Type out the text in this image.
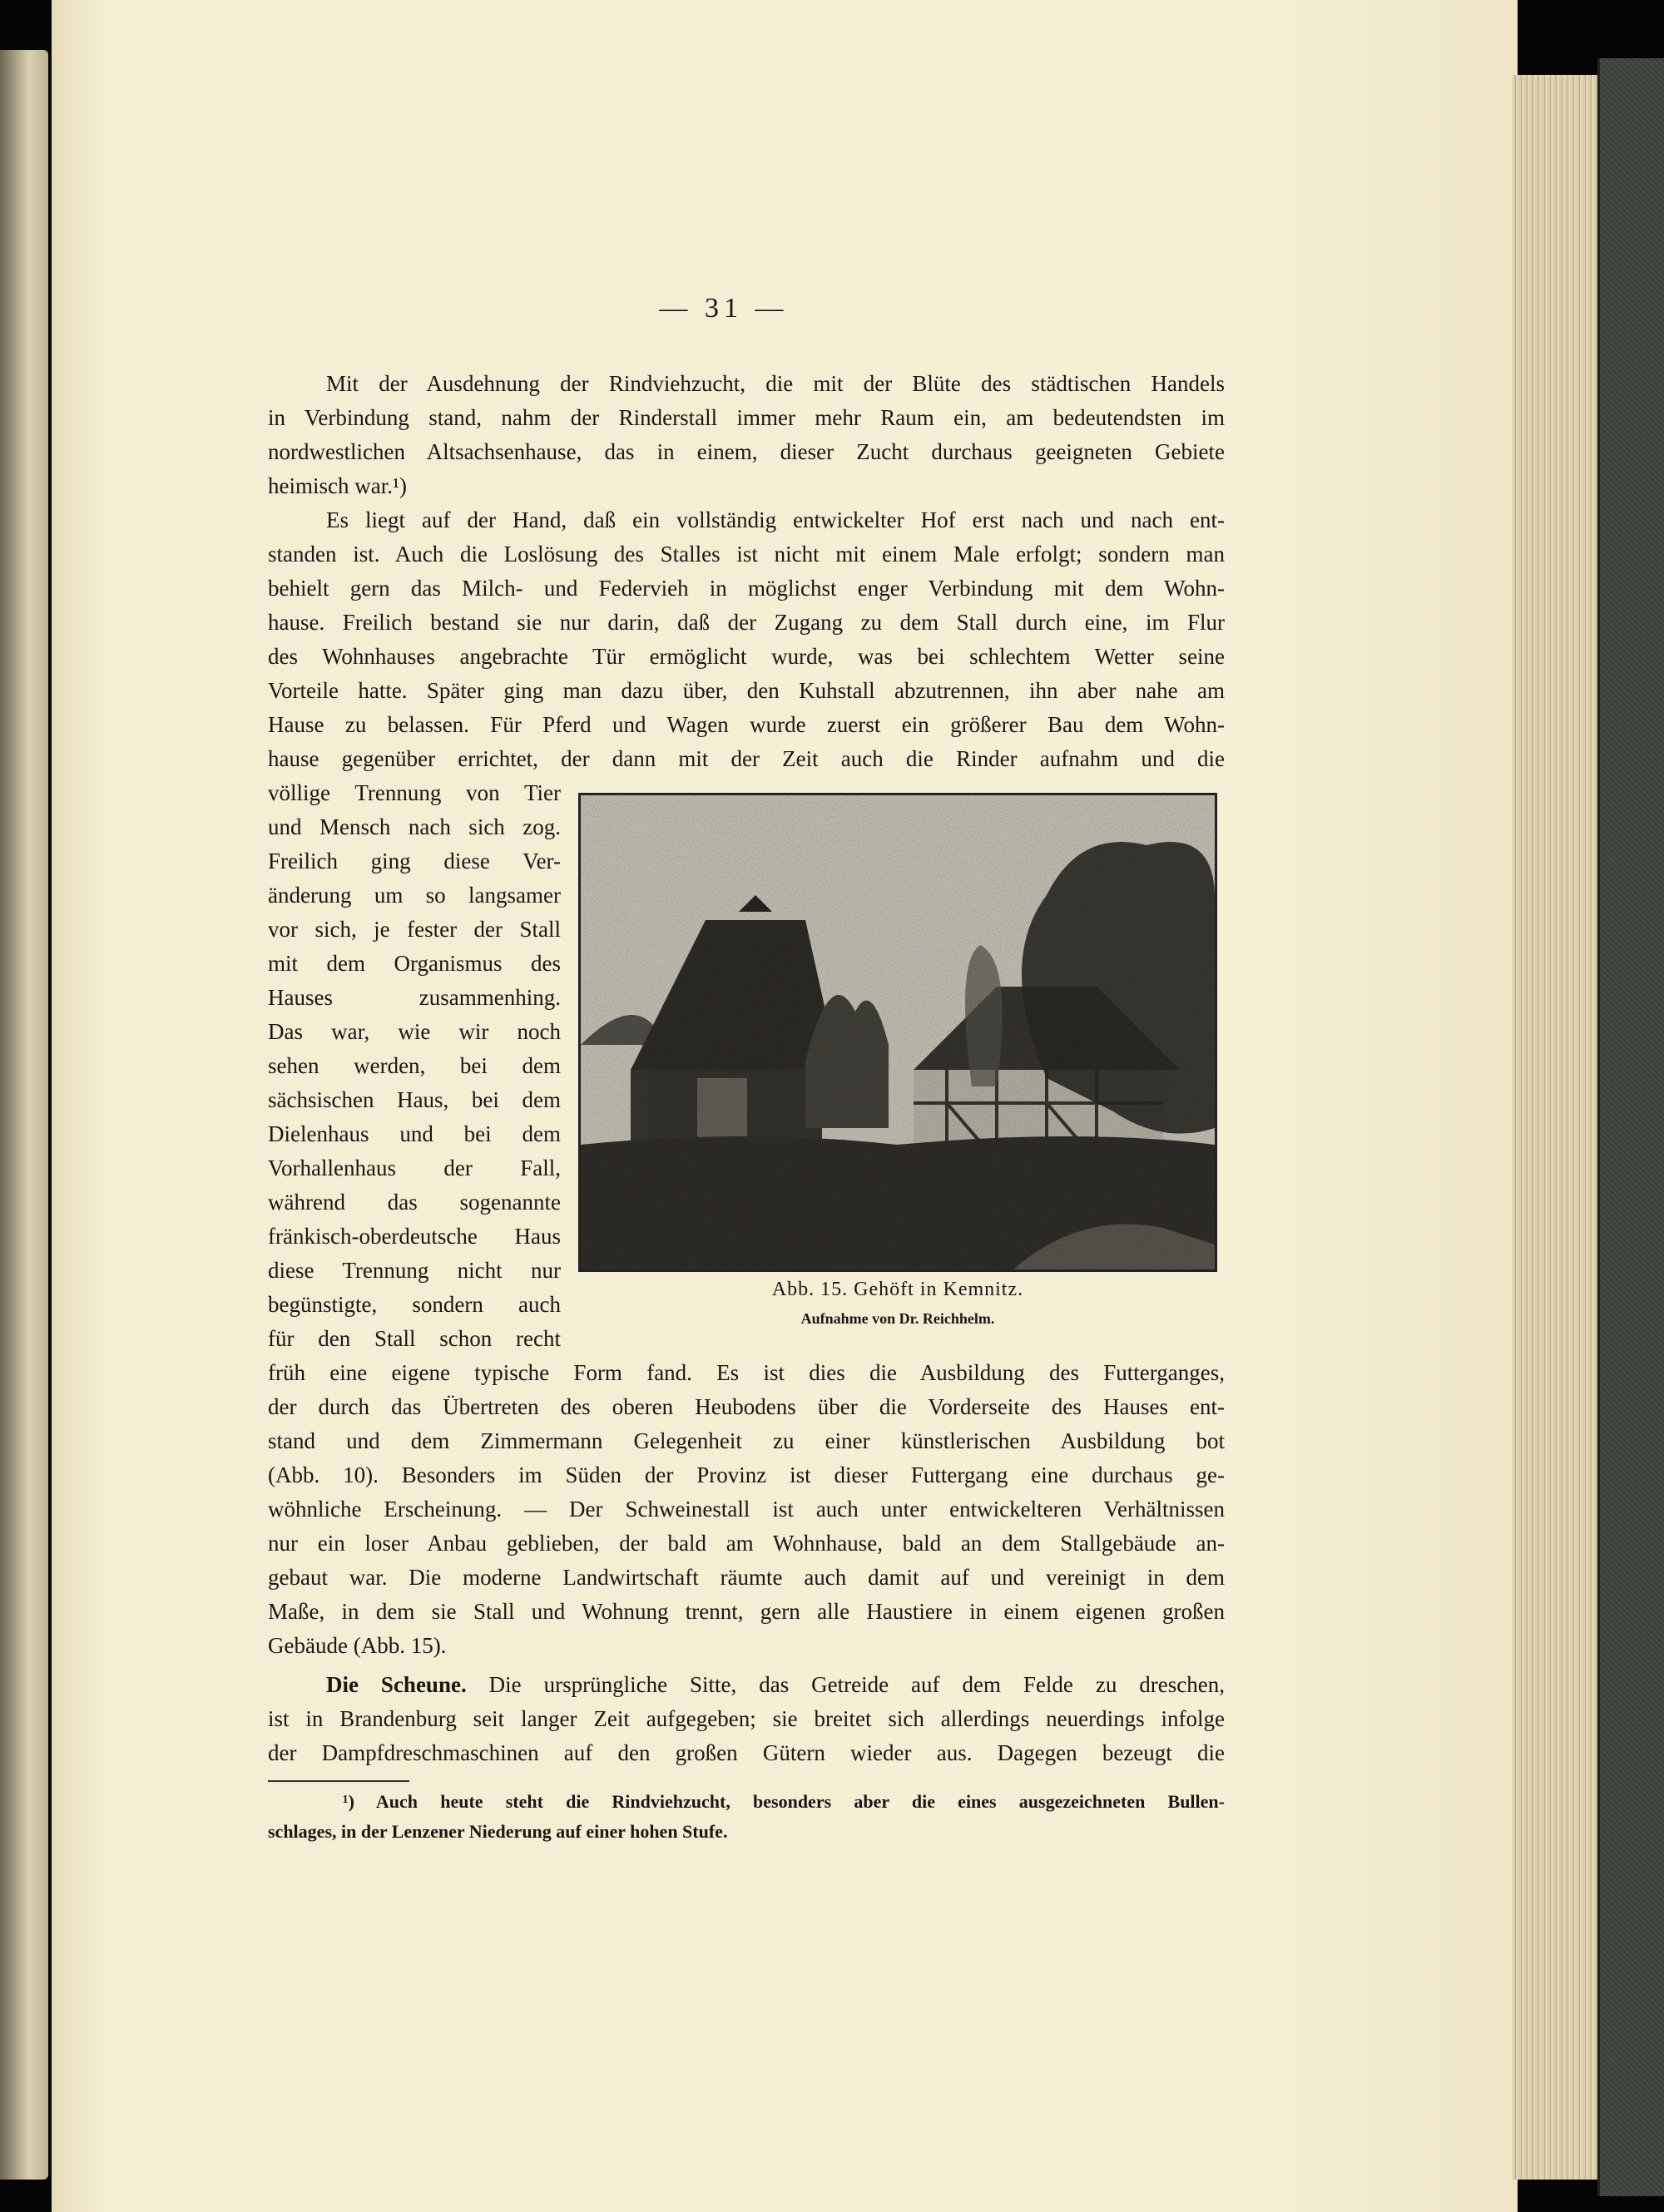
— 31 —
Mit der Ausdehnung der Rindviehzucht, die mit der Blüte des städtischen Handels
in Verbindung stand, nahm der Rinderstall immer mehr Raum ein, am bedeutendsten im
nordwestlichen Altsachsenhause, das in einem, dieser Zucht durchaus geeigneten Gebiete
heimisch war.¹)
Es liegt auf der Hand, daß ein vollständig entwickelter Hof erst nach und nach ent-
standen ist. Auch die Loslösung des Stalles ist nicht mit einem Male erfolgt; sondern man
behielt gern das Milch- und Federvieh in möglichst enger Verbindung mit dem Wohn-
hause. Freilich bestand sie nur darin, daß der Zugang zu dem Stall durch eine, im Flur
des Wohnhauses angebrachte Tür ermöglicht wurde, was bei schlechtem Wetter seine
Vorteile hatte. Später ging man dazu über, den Kuhstall abzutrennen, ihn aber nahe am
Hause zu belassen. Für Pferd und Wagen wurde zuerst ein größerer Bau dem Wohn-
hause gegenüber errichtet, der dann mit der Zeit auch die Rinder aufnahm und die
völlige Trennung von Tier
und Mensch nach sich zog.
Freilich ging diese Ver-
änderung um so langsamer
vor sich, je fester der Stall
mit dem Organismus des
Hauses zusammenhing.
Das war, wie wir noch
sehen werden, bei dem
sächsischen Haus, bei dem
Dielenhaus und bei dem
Vorhallenhaus der Fall,
während das sogenannte
fränkisch-oberdeutsche Haus
diese Trennung nicht nur
begünstigte, sondern auch
für den Stall schon recht
Abb. 15. Gehöft in Kemnitz.
Aufnahme von Dr. Reichhelm.
früh eine eigene typische Form fand. Es ist dies die Ausbildung des Futterganges,
der durch das Übertreten des oberen Heubodens über die Vorderseite des Hauses ent-
stand und dem Zimmermann Gelegenheit zu einer künstlerischen Ausbildung bot
(Abb. 10). Besonders im Süden der Provinz ist dieser Futtergang eine durchaus ge-
wöhnliche Erscheinung. — Der Schweinestall ist auch unter entwickelteren Verhältnissen
nur ein loser Anbau geblieben, der bald am Wohnhause, bald an dem Stallgebäude an-
gebaut war. Die moderne Landwirtschaft räumte auch damit auf und vereinigt in dem
Maße, in dem sie Stall und Wohnung trennt, gern alle Haustiere in einem eigenen großen
Gebäude (Abb. 15).
Die Scheune. Die ursprüngliche Sitte, das Getreide auf dem Felde zu dreschen,
ist in Brandenburg seit langer Zeit aufgegeben; sie breitet sich allerdings neuerdings infolge
der Dampfdreschmaschinen auf den großen Gütern wieder aus. Dagegen bezeugt die
¹) Auch heute steht die Rindviehzucht, besonders aber die eines ausgezeichneten Bullen-
schlages, in der Lenzener Niederung auf einer hohen Stufe.
